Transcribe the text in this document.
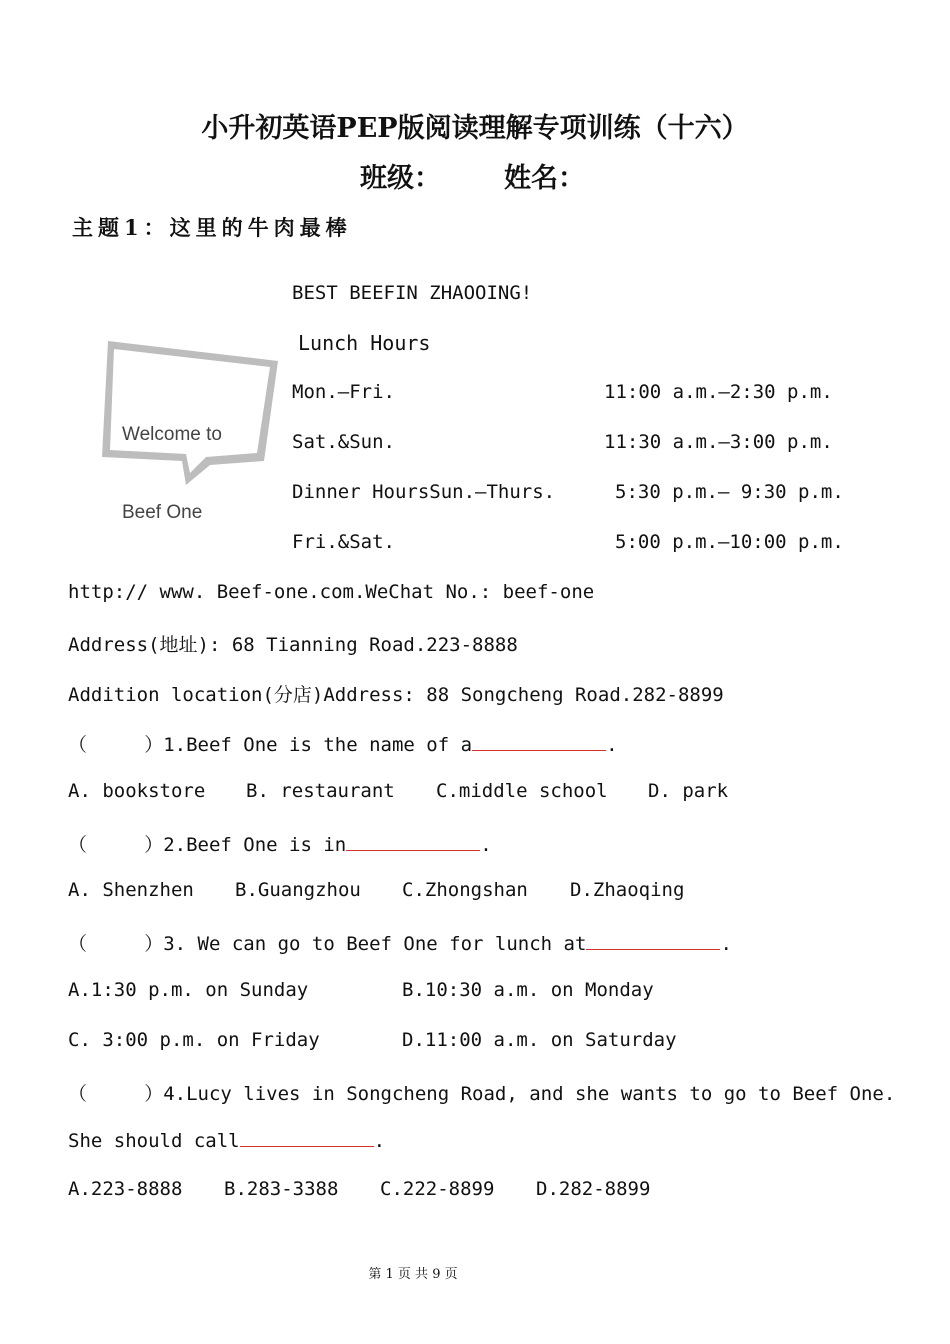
小升初英语PEP版阅读理解专项训练（十六）
班级： 姓名：
主题1：这里的牛肉最棒

Welcome to

Beef One

BEST BEEFIN ZHAOOING!
Lunch Hours
Mon.—Fri.	11:00 a.m.—2:30 p.m.
Sat.&Sun.	11:30 a.m.—3:00 p.m.
Dinner HoursSun.—Thurs.	5:30 p.m.— 9:30 p.m.
Fri.&Sat.	5:00 p.m.—10:00 p.m.
http:// www. Beef-one.com.WeChat No.: beef-one
Address(地址): 68 Tianning Road.223-8888
Addition location(分店)Address: 88 Songcheng Road.282-8899
（     ）1.Beef One is the name of a	.
A. bookstore B. restaurant C.middle school D. park
（     ）2.Beef One is in	.
A. Shenzhen B.Guangzhou C.Zhongshan D.Zhaoqing
（     ）3. We can go to Beef One for lunch at	.
A.1:30 p.m. on Sunday	B.10:30 a.m. on Monday
C. 3:00 p.m. on Friday	D.11:00 a.m. on Saturday
（     ）4.Lucy lives in Songcheng Road, and she wants to go to Beef One.
She should call	.
A.223-8888 B.283-3388 C.222-8899 D.282-8899
第 1 页 共 9 页
